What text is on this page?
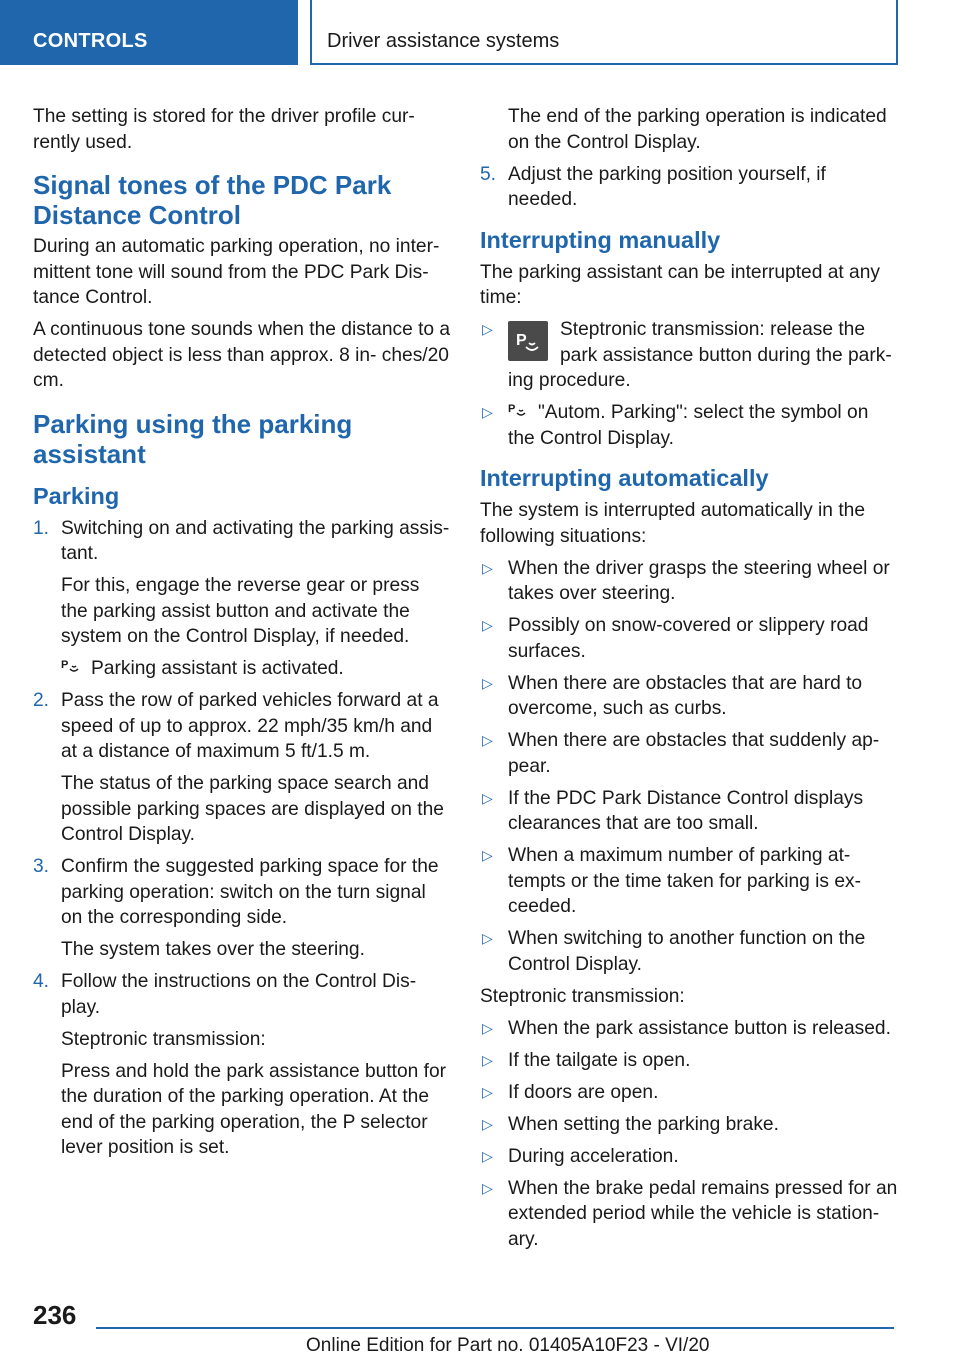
CONTROLS	Driver assistance systems

The setting is stored for the driver profile cur- rently used.

Signal tones of the PDC Park Distance Control

During an automatic parking operation, no inter- mittent tone will sound from the PDC Park Dis- tance Control.

A continuous tone sounds when the distance to a detected object is less than approx. 8 in- ches/20 cm.

Parking using the parking assistant
Parking
1. Switching on and activating the parking assis- tant.

For this, engage the reverse gear or press the parking assist button and activate the system on the Control Display, if needed.

P Parking assistant is activated.

2. Pass the row of parked vehicles forward at a speed of up to approx. 22 mph/35 km/h and at a distance of maximum 5 ft/1.5 m.

The status of the parking space search and possible parking spaces are displayed on the Control Display.

3. Confirm the suggested parking space for the parking operation: switch on the turn signal on the corresponding side.

The system takes over the steering.

4. Follow the instructions on the Control Dis- play.

Steptronic transmission:

Press and hold the park assistance button for the duration of the parking operation. At the end of the parking operation, the P selector lever position is set.

The end of the parking operation is indicated on the Control Display.

5. Adjust the parking position yourself, if needed.
Interrupting manually

The parking assistant can be interrupted at any time:

▷
P
Steptronic transmission: release the park assistance button during the park- ing procedure.
▷ P "Autom. Parking": select the symbol on the Control Display.
Interrupting automatically

The system is interrupted automatically in the following situations:

▷ When the driver grasps the steering wheel or takes over steering.
▷ Possibly on snow-covered or slippery road surfaces.
▷ When there are obstacles that are hard to overcome, such as curbs.
▷ When there are obstacles that suddenly ap- pear.
▷ If the PDC Park Distance Control displays clearances that are too small.
▷ When a maximum number of parking at- tempts or the time taken for parking is ex- ceeded.
▷ When switching to another function on the Control Display.

Steptronic transmission:

▷ When the park assistance button is released.
▷ If the tailgate is open.
▷ If doors are open.
▷ When setting the parking brake.
▷ During acceleration.
▷ When the brake pedal remains pressed for an extended period while the vehicle is station- ary.
236
Online Edition for Part no. 01405A10F23 - VI/20
